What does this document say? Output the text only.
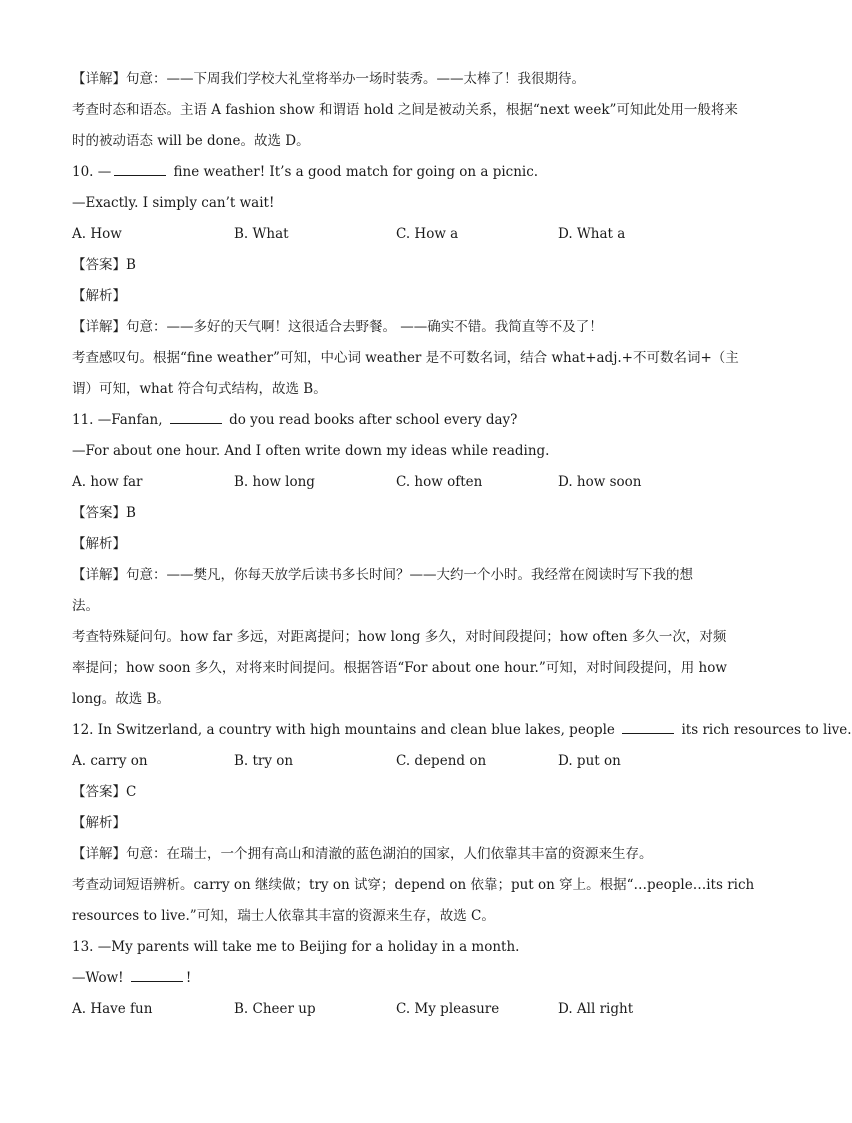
【详解】句意：——下周我们学校大礼堂将举办一场时装秀。——太棒了！我很期待。
考查时态和语态。主语 A fashion show 和谓语 hold 之间是被动关系，根据“next week”可知此处用一般将来
时的被动语态 will be done。故选 D。
10. —	fine weather! It’s a good match for going on a picnic.
—Exactly. I simply can’t wait!
A. How	B. What	C. How a	D. What a
【答案】B
【解析】
【详解】句意：——多好的天气啊！这很适合去野餐。 ——确实不错。我简直等不及了！
考查感叹句。根据“fine weather”可知，中心词 weather 是不可数名词，结合 what+adj.+不可数名词+（主
谓）可知，what 符合句式结构，故选 B。
11. —Fanfan,	do you read books after school every day?
—For about one hour. And I often write down my ideas while reading.
A. how far	B. how long	C. how often	D. how soon
【答案】B
【解析】
【详解】句意：——樊凡，你每天放学后读书多长时间？——大约一个小时。我经常在阅读时写下我的想
法。
考查特殊疑问句。how far 多远，对距离提问；how long 多久，对时间段提问；how often 多久一次，对频
率提问；how soon 多久，对将来时间提问。根据答语“For about one hour.”可知，对时间段提问，用 how
long。故选 B。
12. In Switzerland, a country with high mountains and clean blue lakes, people	its rich resources to live.
A. carry on	B. try on	C. depend on	D. put on
【答案】C
【解析】
【详解】句意：在瑞士，一个拥有高山和清澈的蓝色湖泊的国家，人们依靠其丰富的资源来生存。
考查动词短语辨析。carry on 继续做；try on 试穿；depend on 依靠；put on 穿上。根据“…people…its rich
resources to live.”可知，瑞士人依靠其丰富的资源来生存，故选 C。
13. —My parents will take me to Beijing for a holiday in a month.
—Wow!	!
A. Have fun	B. Cheer up	C. My pleasure	D. All right
